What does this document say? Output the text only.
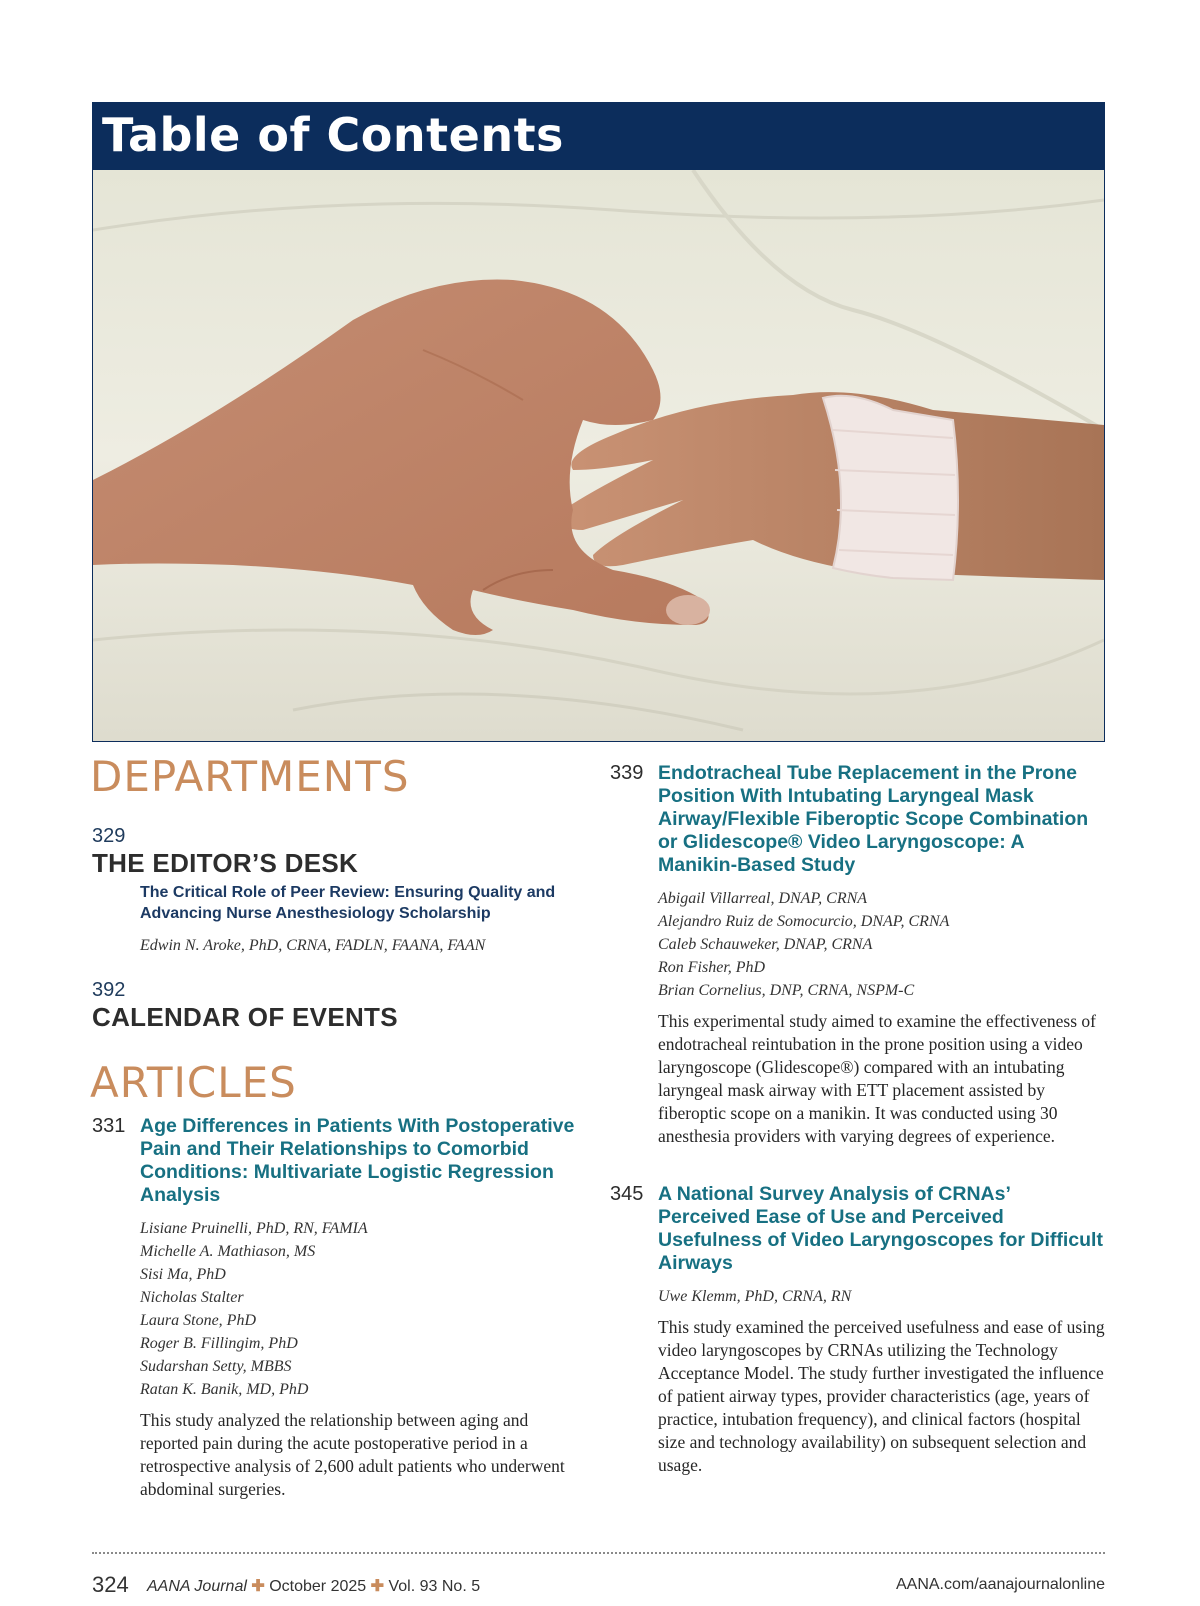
Table of Contents
DEPARTMENTS
329
THE EDITOR’S DESK
The Critical Role of Peer Review: Ensuring Quality and Advancing Nurse Anesthesiology Scholarship
Edwin N. Aroke, PhD, CRNA, FADLN, FAANA, FAAN
392
CALENDAR OF EVENTS
ARTICLES
331 Age Differences in Patients With Postoperative Pain and Their Relationships to Comorbid Conditions: Multivariate Logistic Regression Analysis

Lisiane Pruinelli, PhD, RN, FAMIA
Michelle A. Mathiason, MS
Sisi Ma, PhD
Nicholas Stalter
Laura Stone, PhD
Roger B. Fillingim, PhD
Sudarshan Setty, MBBS
Ratan K. Banik, MD, PhD
This study analyzed the relationship between aging and reported pain during the acute postoperative period in a retrospective analysis of 2,600 adult patients who underwent abdominal surgeries.
339 Endotracheal Tube Replacement in the Prone Position With Intubating Laryngeal Mask Airway/Flexible Fiberoptic Scope Combination or Glidescope® Video Laryngoscope: A Manikin-Based Study

Abigail Villarreal, DNAP, CRNA
Alejandro Ruiz de Somocurcio, DNAP, CRNA
Caleb Schauweker, DNAP, CRNA
Ron Fisher, PhD
Brian Cornelius, DNP, CRNA, NSPM-C
This experimental study aimed to examine the effectiveness of endotracheal reintubation in the prone position using a video laryngoscope (Glidescope®) compared with an intubating laryngeal mask airway with ETT placement assisted by fiberoptic scope on a manikin. It was conducted using 30 anesthesia providers with varying degrees of experience.
345 A National Survey Analysis of CRNAs’ Perceived Ease of Use and Perceived Usefulness of Video Laryngoscopes for Difficult Airways

Uwe Klemm, PhD, CRNA, RN
This study examined the perceived usefulness and ease of using video laryngoscopes by CRNAs utilizing the Technology Acceptance Model. The study further investigated the influence of patient airway types, provider characteristics (age, years of practice, intubation frequency), and clinical factors (hospital size and technology availability) on subsequent selection and usage.
324 AANA Journal ✚ October 2025 ✚ Vol. 93 No. 5	AANA.com/aanajournalonline
